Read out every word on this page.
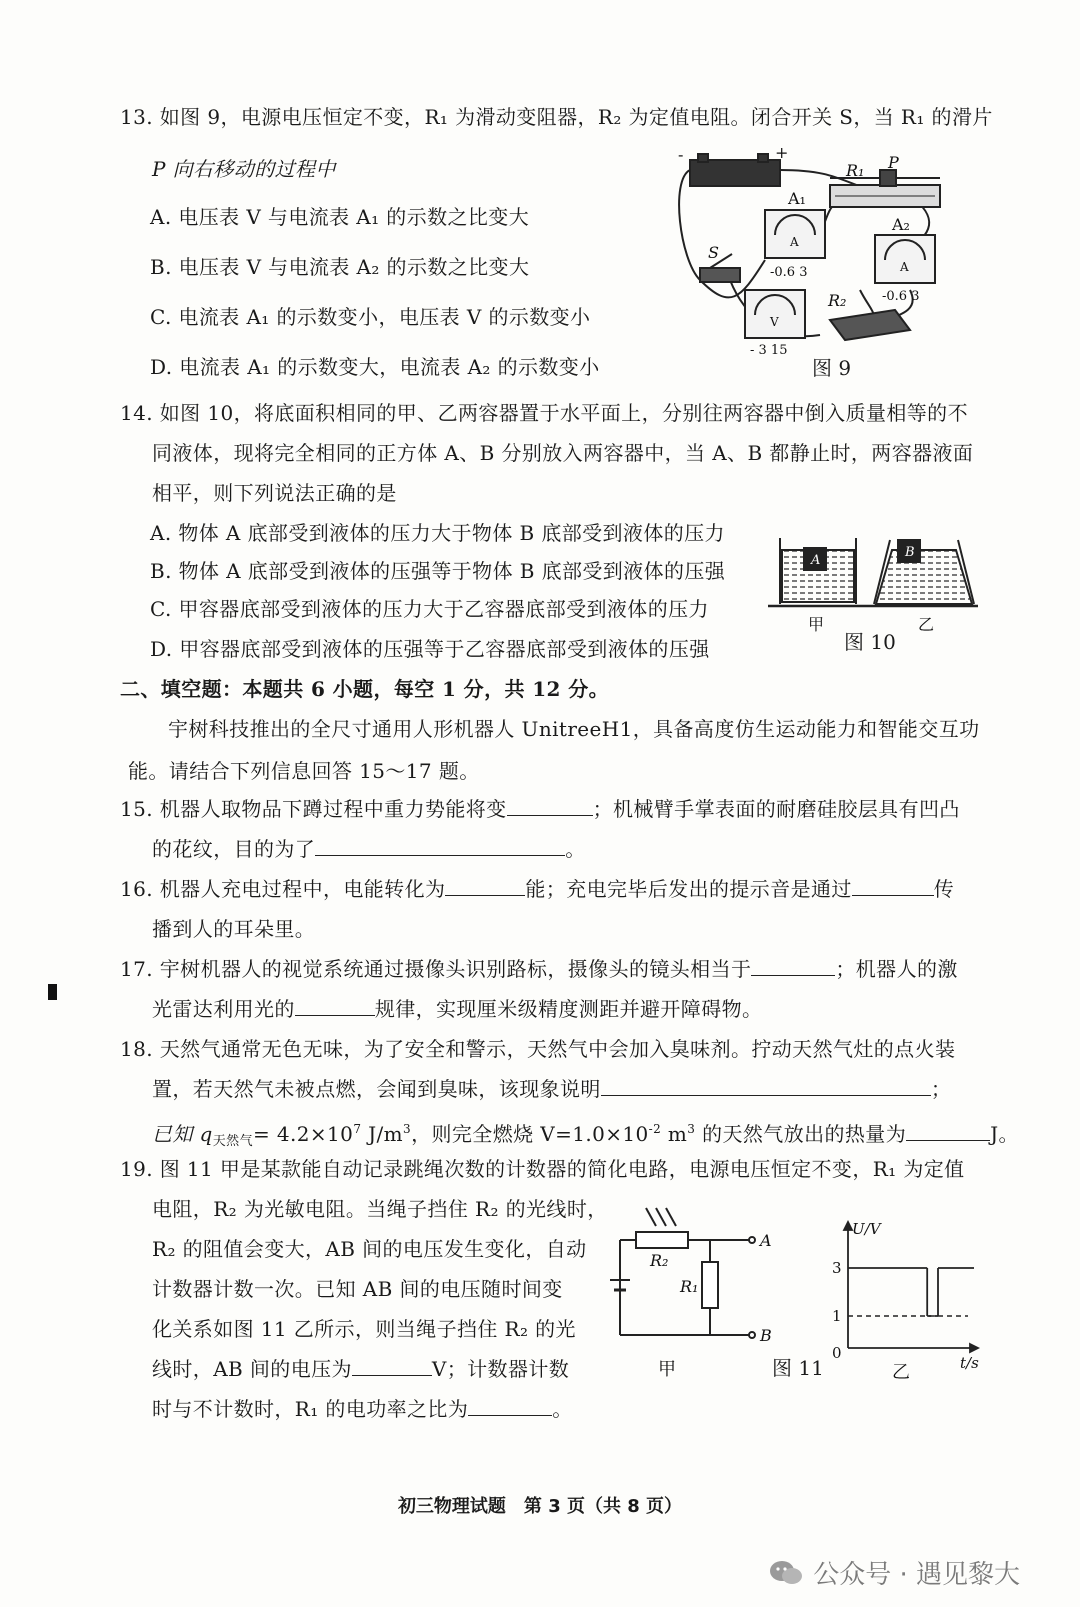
13. 如图 9，电源电压恒定不变，R₁ 为滑动变阻器，R₂ 为定值电阻。闭合开关 S，当 R₁ 的滑片
P 向右移动的过程中
A. 电压表 V 与电流表 A₁ 的示数之比变大
B. 电压表 V 与电流表 A₂ 的示数之比变大
C. 电流表 A₁ 的示数变小，电压表 V 的示数变小
D. 电流表 A₁ 的示数变大，电流表 A₂ 的示数变小
-	+
R₁ P
A₁
A
A₂
A
V
S
R₂
-0.6 3
-0.6 3
- 3 15
图 9
14. 如图 10，将底面积相同的甲、乙两容器置于水平面上，分别往两容器中倒入质量相等的不
同液体，现将完全相同的正方体 A、B 分别放入两容器中，当 A、B 都静止时，两容器液面
相平，则下列说法正确的是
A. 物体 A 底部受到液体的压力大于物体 B 底部受到液体的压力
B. 物体 A 底部受到液体的压强等于物体 B 底部受到液体的压强
C. 甲容器底部受到液体的压力大于乙容器底部受到液体的压力
D. 甲容器底部受到液体的压强等于乙容器底部受到液体的压强
A
B
甲	乙
图 10
二、填空题：本题共 6 小题，每空 1 分，共 12 分。
宇树科技推出的全尺寸通用人形机器人 UnitreeH1，具备高度仿生运动能力和智能交互功
能。请结合下列信息回答 15～17 题。
15. 机器人取物品下蹲过程中重力势能将变	；机械臂手掌表面的耐磨硅胶层具有凹凸
的花纹，目的为了	。
16. 机器人充电过程中，电能转化为	能；充电完毕后发出的提示音是通过	传
播到人的耳朵里。
17. 宇树机器人的视觉系统通过摄像头识别路标，摄像头的镜头相当于	；机器人的激
光雷达利用光的	规律，实现厘米级精度测距并避开障碍物。
18. 天然气通常无色无味，为了安全和警示，天然气中会加入臭味剂。拧动天然气灶的点火装
置，若天然气未被点燃，会闻到臭味，该现象说明	；
已知 $q_{天然气}= 4.2\times 10^7$ $J/m^3$，则完全燃烧 $V=1.0\times 10^{-2}$ $m^3$ 的天然气放出的热量为	J。
19. 图 11 甲是某款能自动记录跳绳次数的计数器的简化电路，电源电压恒定不变，R₁ 为定值
电阻，R₂ 为光敏电阻。当绳子挡住 R₂ 的光线时，
R₂ 的阻值会变大，AB 间的电压发生变化，自动
计数器计数一次。已知 AB 间的电压随时间变
化关系如图 11 乙所示，则当绳子挡住 R₂ 的光
线时，AB 间的电压为	V；计数器计数
时与不计数时，R₁ 的电功率之比为	。
R₂
R₁
A
B
甲
U/V
t/s
3
1
0
乙
图 11
初三物理试题　第 3 页（共 8 页）
公众号 · 遇见黎大
